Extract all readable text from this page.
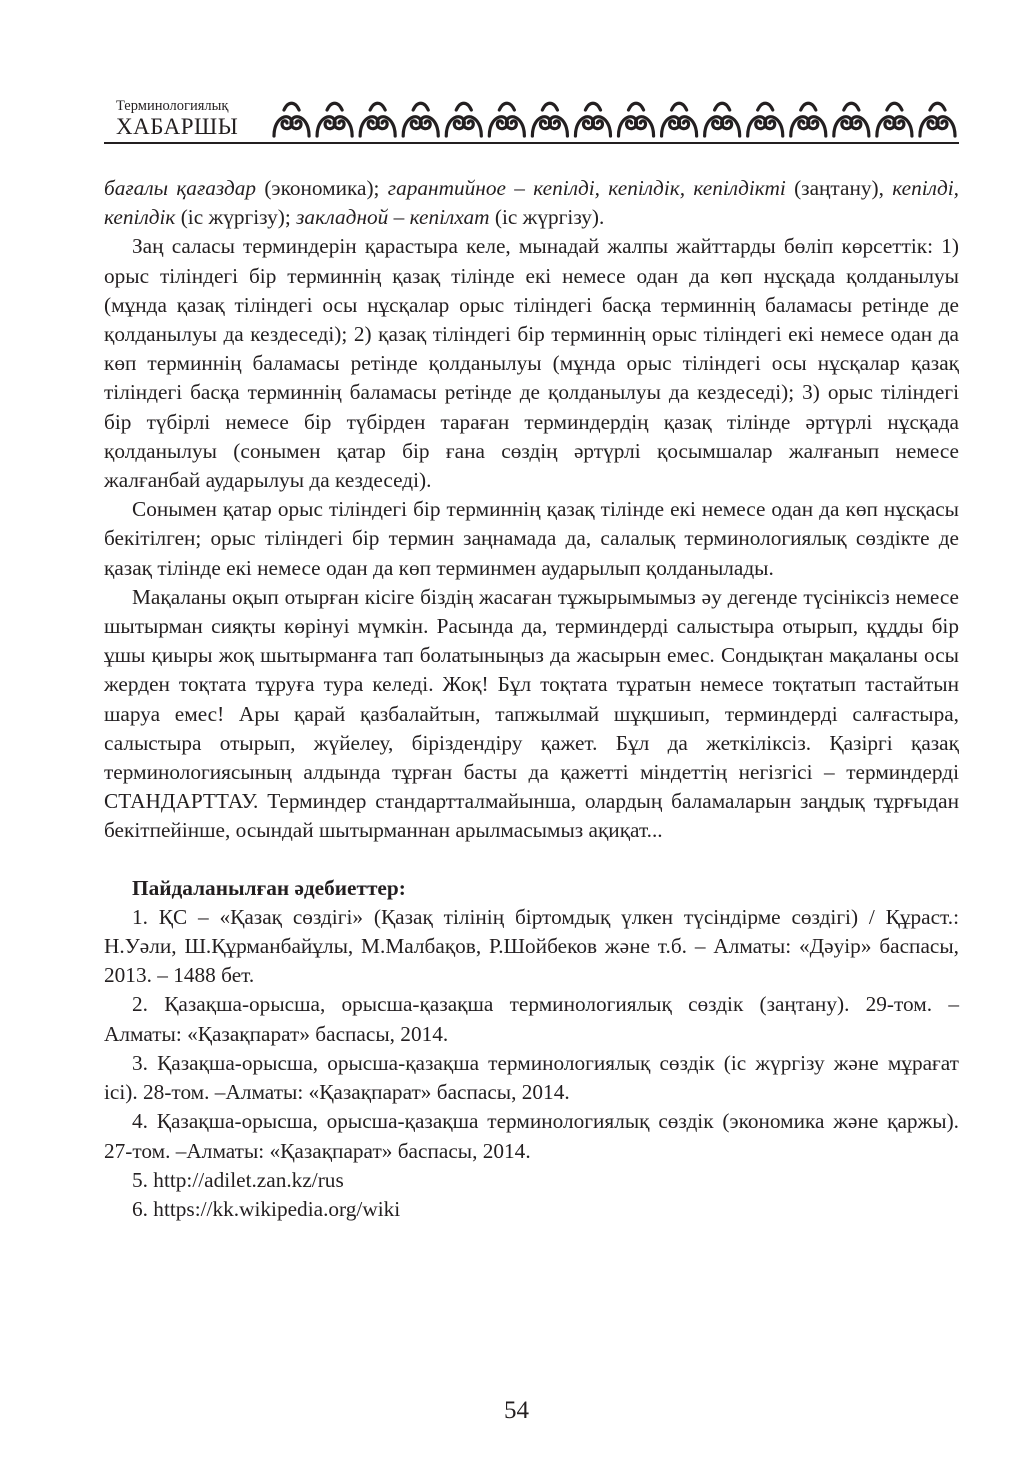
Терминологиялық
ХАБАРШЫ

бағалы қағаздар (экономика); гарантийное – кепілді, кепілдік, кепілдікті (заңтану), кепілді, кепілдік (іс жүргізу); закладной – кепілхат (іс жүргізу).

Заң саласы терминдерін қарастыра келе, мынадай жалпы жайттарды бөліп көрсеттік: 1) орыс тіліндегі бір терминнің қазақ тілінде екі немесе одан да көп нұсқада қолданылуы (мұнда қазақ тіліндегі осы нұсқалар орыс тіліндегі басқа терминнің баламасы ретінде де қолданылуы да кездеседі); 2) қазақ тіліндегі бір терминнің орыс тіліндегі екі немесе одан да көп терминнің баламасы ретінде қолданылуы (мұнда орыс тіліндегі осы нұсқалар қазақ тіліндегі басқа терминнің баламасы ретінде де қолданылуы да кездеседі); 3) орыс тіліндегі бір түбірлі немесе бір түбірден тараған терминдердің қазақ тілінде әртүрлі нұсқада қолданылуы (сонымен қатар бір ғана сөздің әртүрлі қосымшалар жалғанып немесе жалғанбай аударылуы да кездеседі).

Сонымен қатар орыс тіліндегі бір терминнің қазақ тілінде екі немесе одан да көп нұсқасы бекітілген; орыс тіліндегі бір термин заңнамада да, салалық терминологиялық сөздікте де қазақ тілінде екі немесе одан да көп терминмен аударылып қолданылады.

Мақаланы оқып отырған кісіге біздің жасаған тұжырымымыз әу дегенде түсініксіз немесе шытырман сияқты көрінуі мүмкін. Расында да, терминдерді салыстыра отырып, құдды бір ұшы қиыры жоқ шытырманға тап болатыныңыз да жасырын емес. Сондықтан мақаланы осы жерден тоқтата тұруға тура келеді. Жоқ! Бұл тоқтата тұратын немесе тоқтатып тастайтын шаруа емес! Ары қарай қазбалайтын, тапжылмай шұқшиып, терминдерді салғастыра, салыстыра отырып, жүйелеу, біріздендіру қажет. Бұл да жеткіліксіз. Қазіргі қазақ терминологиясының алдында тұрған басты да қажетті міндеттің негізгісі – терминдерді СТАНДАРТТАУ. Терминдер стандартталмайынша, олардың баламаларын заңдық тұрғыдан бекітпейінше, осындай шытырманнан арылмасымыз ақиқат...

Пайдаланылған әдебиеттер:

1. ҚС – «Қазақ сөздігі» (Қазақ тілінің біртомдық үлкен түсіндірме сөздігі) / Құраст.: Н.Уәли, Ш.Құрманбайұлы, М.Малбақов, Р.Шойбеков және т.б. – Алматы: «Дәуір» баспасы, 2013. – 1488 бет.
2. Қазақша-орысша, орысша-қазақша терминологиялық сөздік (заңтану). 29-том. –Алматы: «Қазақпарат» баспасы, 2014.
3. Қазақша-орысша, орысша-қазақша терминологиялық сөздік (іс жүргізу және мұрағат ісі). 28-том. –Алматы: «Қазақпарат» баспасы, 2014.
4. Қазақша-орысша, орысша-қазақша терминологиялық сөздік (экономика және қаржы). 27-том. –Алматы: «Қазақпарат» баспасы, 2014.
5. http://adilet.zan.kz/rus
6. https://kk.wikipedia.org/wiki
54
